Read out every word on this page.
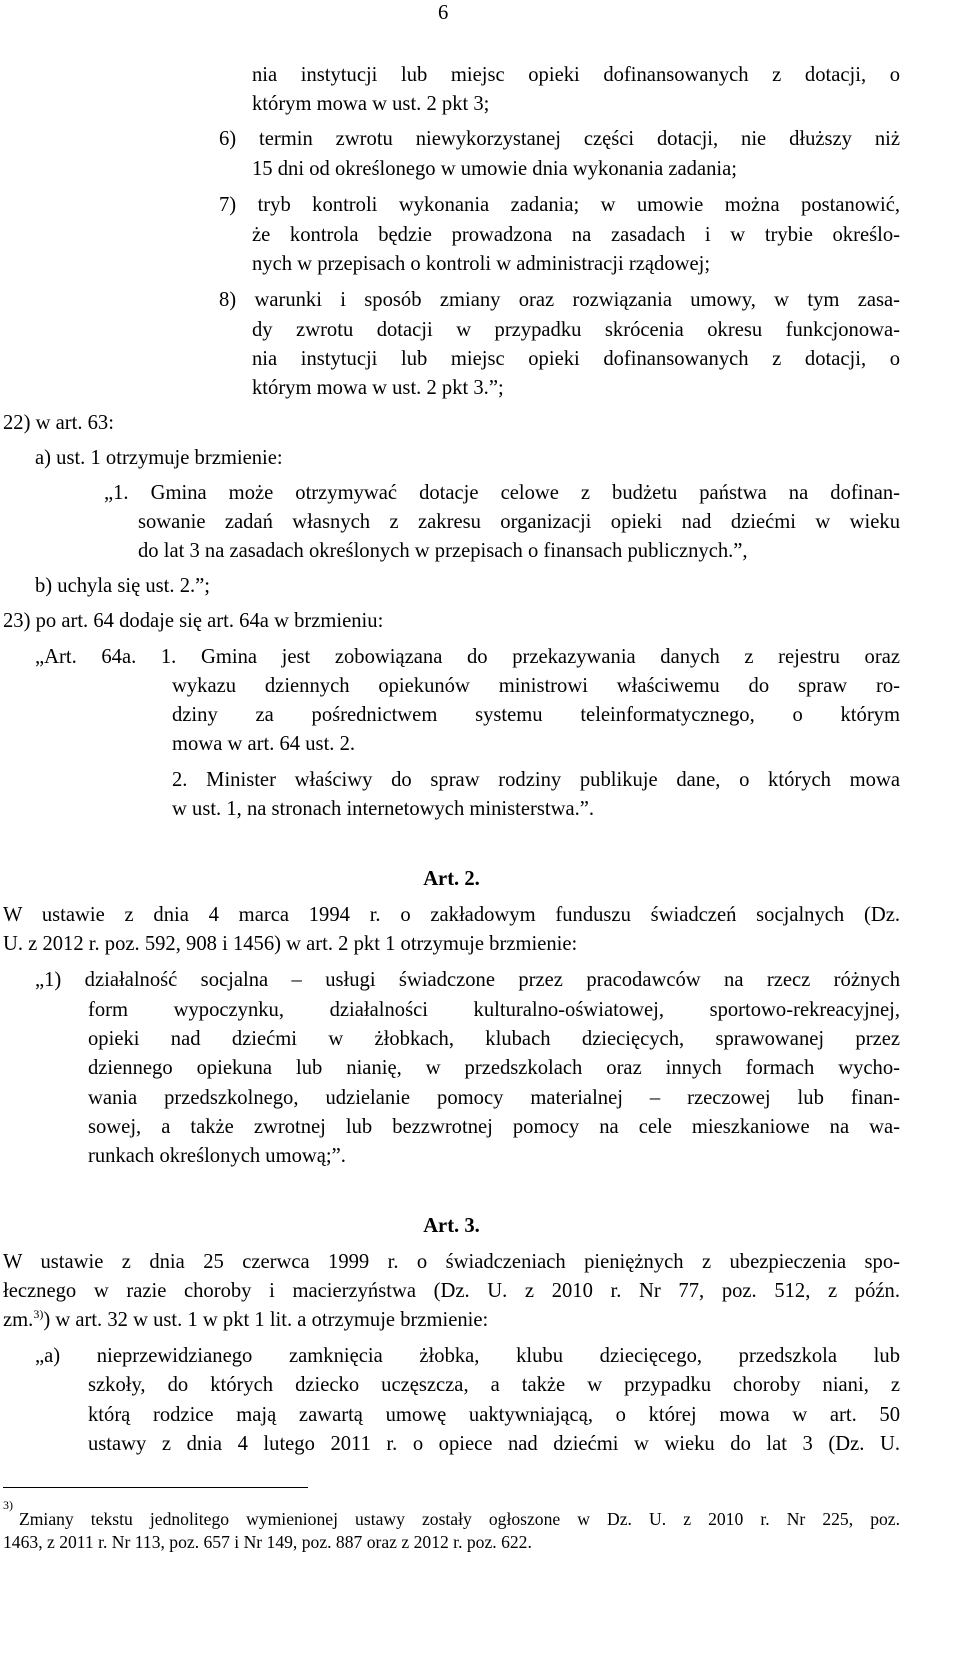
6
nia instytucji lub miejsc opieki dofinansowanych z dotacji, o
którym mowa w ust. 2 pkt 3;
6) termin zwrotu niewykorzystanej części dotacji, nie dłuższy niż
15 dni od określonego w umowie dnia wykonania zadania;
7) tryb kontroli wykonania zadania; w umowie można postanowić,
że kontrola będzie prowadzona na zasadach i w trybie określo-
nych w przepisach o kontroli w administracji rządowej;
8) warunki i sposób zmiany oraz rozwiązania umowy, w tym zasa-
dy zwrotu dotacji w przypadku skrócenia okresu funkcjonowa-
nia instytucji lub miejsc opieki dofinansowanych z dotacji, o
którym mowa w ust. 2 pkt 3.”;
22) w art. 63:
a) ust. 1 otrzymuje brzmienie:
„1. Gmina może otrzymywać dotacje celowe z budżetu państwa na dofinan-
sowanie zadań własnych z zakresu organizacji opieki nad dziećmi w wieku
do lat 3 na zasadach określonych w przepisach o finansach publicznych.”,
b) uchyla się ust. 2.”;
23) po art. 64 dodaje się art. 64a w brzmieniu:
„Art. 64a. 1. Gmina jest zobowiązana do przekazywania danych z rejestru oraz
wykazu dziennych opiekunów ministrowi właściwemu do spraw ro-
dziny za pośrednictwem systemu teleinformatycznego, o którym
mowa w art. 64 ust. 2.
2. Minister właściwy do spraw rodziny publikuje dane, o których mowa
w ust. 1, na stronach internetowych ministerstwa.”.
Art. 2.
W ustawie z dnia 4 marca 1994 r. o zakładowym funduszu świadczeń socjalnych (Dz.
U. z 2012 r. poz. 592, 908 i 1456) w art. 2 pkt 1 otrzymuje brzmienie:
„1) działalność socjalna – usługi świadczone przez pracodawców na rzecz różnych
form wypoczynku, działalności kulturalno-oświatowej, sportowo-rekreacyjnej,
opieki nad dziećmi w żłobkach, klubach dziecięcych, sprawowanej przez
dziennego opiekuna lub nianię, w przedszkolach oraz innych formach wycho-
wania przedszkolnego, udzielanie pomocy materialnej – rzeczowej lub finan-
sowej, a także zwrotnej lub bezzwrotnej pomocy na cele mieszkaniowe na wa-
runkach określonych umową;”.
Art. 3.
W ustawie z dnia 25 czerwca 1999 r. o świadczeniach pieniężnych z ubezpieczenia spo-
łecznego w razie choroby i macierzyństwa (Dz. U. z 2010 r. Nr 77, poz. 512, z późn.
zm.$^{3)}$) w art. 32 w ust. 1 w pkt 1 lit. a otrzymuje brzmienie:
„a) nieprzewidzianego zamknięcia żłobka, klubu dziecięcego, przedszkola lub
szkoły, do których dziecko uczęszcza, a także w przypadku choroby niani, z
którą rodzice mają zawartą umowę uaktywniającą, o której mowa w art. 50
ustawy z dnia 4 lutego 2011 r. o opiece nad dziećmi w wieku do lat 3 (Dz. U.
3)
Zmiany tekstu jednolitego wymienionej ustawy zostały ogłoszone w Dz. U. z 2010 r. Nr 225, poz.
1463, z 2011 r. Nr 113, poz. 657 i Nr 149, poz. 887 oraz z 2012 r. poz. 622.
